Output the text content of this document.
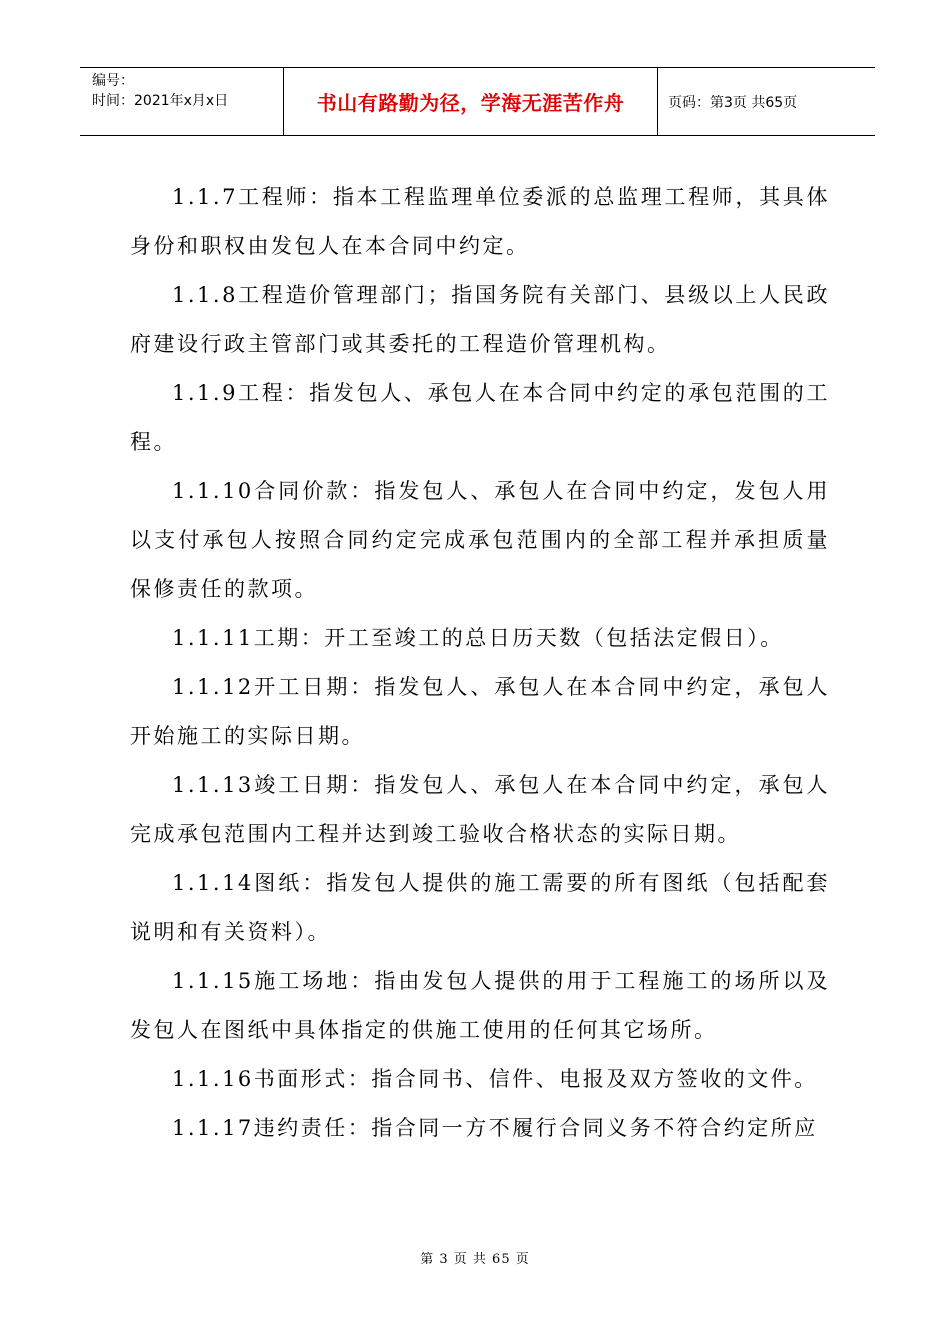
编号：
时间：2021年x月x日	书山有路勤为径，学海无涯苦作舟	页码：第3页 共65页

1.1.7工程师：指本工程监理单位委派的总监理工程师，其具体身份和职权由发包人在本合同中约定。

1.1.8工程造价管理部门；指国务院有关部门、县级以上人民政府建设行政主管部门或其委托的工程造价管理机构。

1.1.9工程：指发包人、承包人在本合同中约定的承包范围的工程。

1.1.10合同价款：指发包人、承包人在合同中约定，发包人用以支付承包人按照合同约定完成承包范围内的全部工程并承担质量保修责任的款项。

1.1.11工期：开工至竣工的总日历天数（包括法定假日）。

1.1.12开工日期：指发包人、承包人在本合同中约定，承包人开始施工的实际日期。

1.1.13竣工日期：指发包人、承包人在本合同中约定，承包人完成承包范围内工程并达到竣工验收合格状态的实际日期。

1.1.14图纸：指发包人提供的施工需要的所有图纸（包括配套说明和有关资料）。

1.1.15施工场地：指由发包人提供的用于工程施工的场所以及发包人在图纸中具体指定的供施工使用的任何其它场所。

1.1.16书面形式：指合同书、信件、电报及双方签收的文件。

1.1.17违约责任：指合同一方不履行合同义务不符合约定所应

第 3 页 共 65 页
